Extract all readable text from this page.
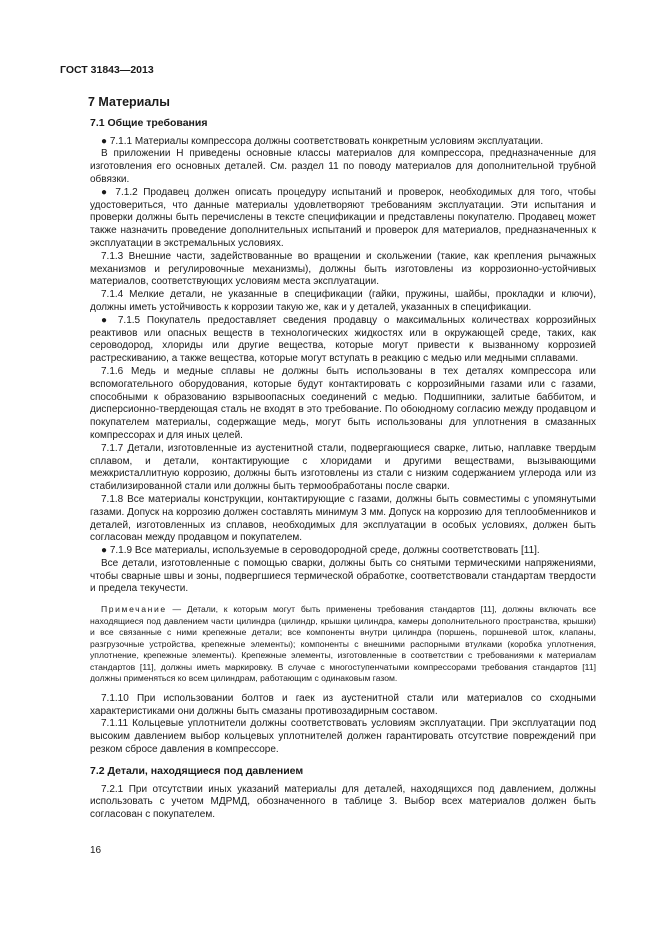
ГОСТ 31843—2013
7 Материалы
7.1 Общие требования

● 7.1.1 Материалы компрессора должны соответствовать конкретным условиям эксплуатации.

В приложении Н приведены основные классы материалов для компрессора, предназначенные для изготовления его основных деталей. См. раздел 11 по поводу материалов для дополнительной трубной обвязки.

● 7.1.2 Продавец должен описать процедуру испытаний и проверок, необходимых для того, чтобы удостовериться, что данные материалы удовлетворяют требованиям эксплуатации. Эти испытания и проверки должны быть перечислены в тексте спецификации и представлены покупателю. Продавец может также назначить проведение дополнительных испытаний и проверок для материалов, предназначенных к эксплуатации в экстремальных условиях.

7.1.3 Внешние части, задействованные во вращении и скольжении (такие, как крепления рычажных механизмов и регулировочные механизмы), должны быть изготовлены из коррозионно-устойчивых материалов, соответствующих условиям места эксплуатации.

7.1.4 Мелкие детали, не указанные в спецификации (гайки, пружины, шайбы, прокладки и ключи), должны иметь устойчивость к коррозии такую же, как и у деталей, указанных в спецификации.

● 7.1.5 Покупатель предоставляет сведения продавцу о максимальных количествах коррозийных реактивов или опасных веществ в технологических жидкостях или в окружающей среде, таких, как сероводород, хлориды или другие вещества, которые могут привести к вызванному коррозией растрескиванию, а также вещества, которые могут вступать в реакцию с медью или медными сплавами.

7.1.6 Медь и медные сплавы не должны быть использованы в тех деталях компрессора или вспомогательного оборудования, которые будут контактировать с коррозийными газами или с газами, способными к образованию взрывоопасных соединений с медью. Подшипники, залитые баббитом, и дисперсионно-твердеющая сталь не входят в это требование. По обоюдному согласию между продавцом и покупателем материалы, содержащие медь, могут быть использованы для уплотнения в смазанных компрессорах и для иных целей.

7.1.7 Детали, изготовленные из аустенитной стали, подвергающиеся сварке, литью, наплавке твердым сплавом, и детали, контактирующие с хлоридами и другими веществами, вызывающими межкристаллитную коррозию, должны быть изготовлены из стали с низким содержанием углерода или из стабилизированной стали или должны быть термообработаны после сварки.

7.1.8 Все материалы конструкции, контактирующие с газами, должны быть совместимы с упомянутыми газами. Допуск на коррозию должен составлять минимум 3 мм. Допуск на коррозию для теплообменников и деталей, изготовленных из сплавов, необходимых для эксплуатации в особых условиях, должен быть согласован между продавцом и покупателем.

● 7.1.9 Все материалы, используемые в сероводородной среде, должны соответствовать [11].

Все детали, изготовленные с помощью сварки, должны быть со снятыми термическими напряжениями, чтобы сварные швы и зоны, подвергшиеся термической обработке, соответствовали стандартам твердости и предела текучести.

Примечание — Детали, к которым могут быть применены требования стандартов [11], должны включать все находящиеся под давлением части цилиндра (цилиндр, крышки цилиндра, камеры дополнительного пространства, крышки) и все связанные с ними крепежные детали; все компоненты внутри цилиндра (поршень, поршневой шток, клапаны, разгрузочные устройства, крепежные элементы); компоненты с внешними распорными втулками (коробка уплотнения, уплотнение, крепежные элементы). Крепежные элементы, изготовленные в соответствии с требованиями к материалам стандартов [11], должны иметь маркировку. В случае с многоступенчатыми компрессорами требования стандартов [11] должны применяться ко всем цилиндрам, работающим с одинаковым газом.

7.1.10 При использовании болтов и гаек из аустенитной стали или материалов со сходными характеристиками они должны быть смазаны противозадирным составом.

7.1.11 Кольцевые уплотнители должны соответствовать условиям эксплуатации. При эксплуатации под высоким давлением выбор кольцевых уплотнителей должен гарантировать отсутствие повреждений при резком сбросе давления в компрессоре.

7.2 Детали, находящиеся под давлением

7.2.1 При отсутствии иных указаний материалы для деталей, находящихся под давлением, должны использовать с учетом МДРМД, обозначенного в таблице 3. Выбор всех материалов должен быть согласован с покупателем.

16
